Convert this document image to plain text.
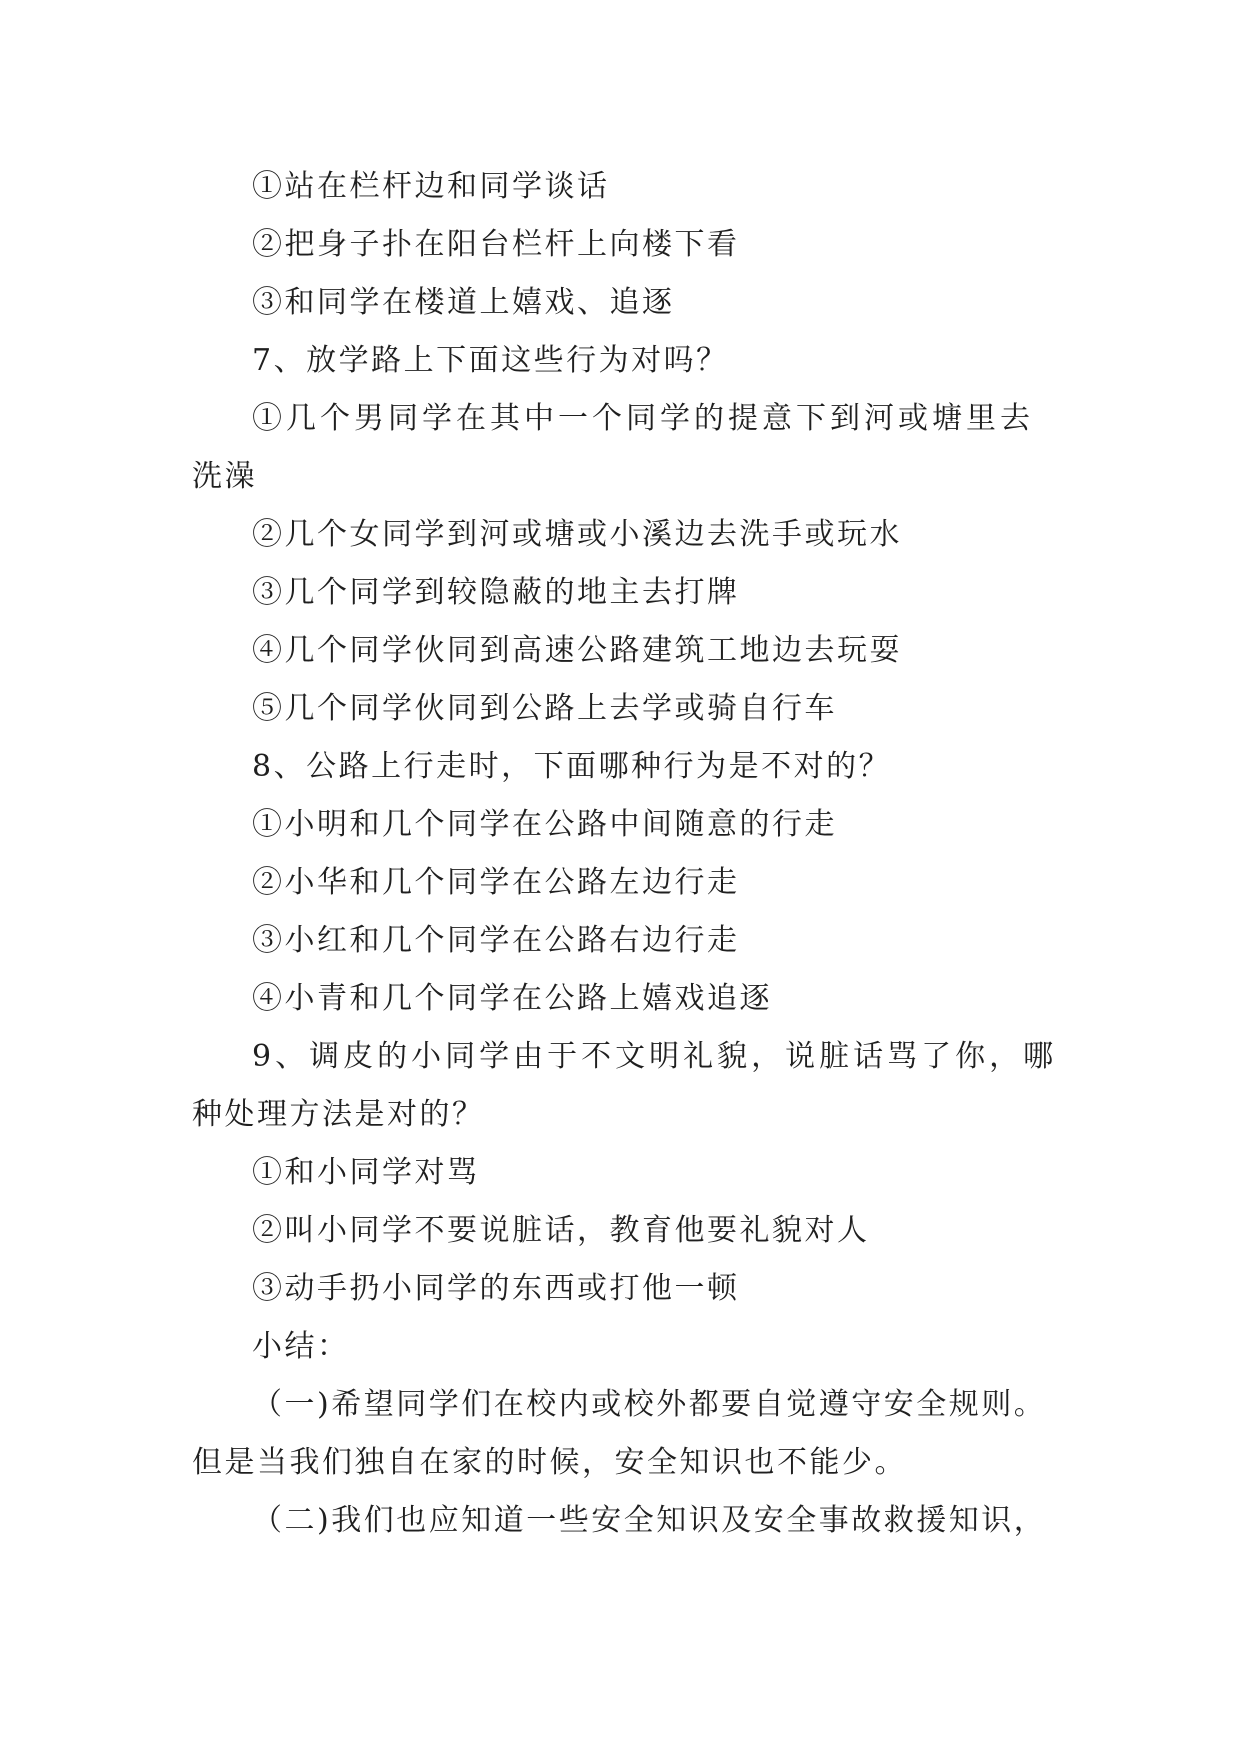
①站在栏杆边和同学谈话
②把身子扑在阳台栏杆上向楼下看
③和同学在楼道上嬉戏、追逐
7、放学路上下面这些行为对吗？
①几个男同学在其中一个同学的提意下到河或塘里去
洗澡
②几个女同学到河或塘或小溪边去洗手或玩水
③几个同学到较隐蔽的地主去打牌
④几个同学伙同到高速公路建筑工地边去玩耍
⑤几个同学伙同到公路上去学或骑自行车
8、公路上行走时，下面哪种行为是不对的？
①小明和几个同学在公路中间随意的行走
②小华和几个同学在公路左边行走
③小红和几个同学在公路右边行走
④小青和几个同学在公路上嬉戏追逐
9、调皮的小同学由于不文明礼貌，说脏话骂了你，哪
种处理方法是对的？
①和小同学对骂
②叫小同学不要说脏话，教育他要礼貌对人
③动手扔小同学的东西或打他一顿
小结：
（一)希望同学们在校内或校外都要自觉遵守安全规则。
但是当我们独自在家的时候，安全知识也不能少。
（二)我们也应知道一些安全知识及安全事故救援知识，
